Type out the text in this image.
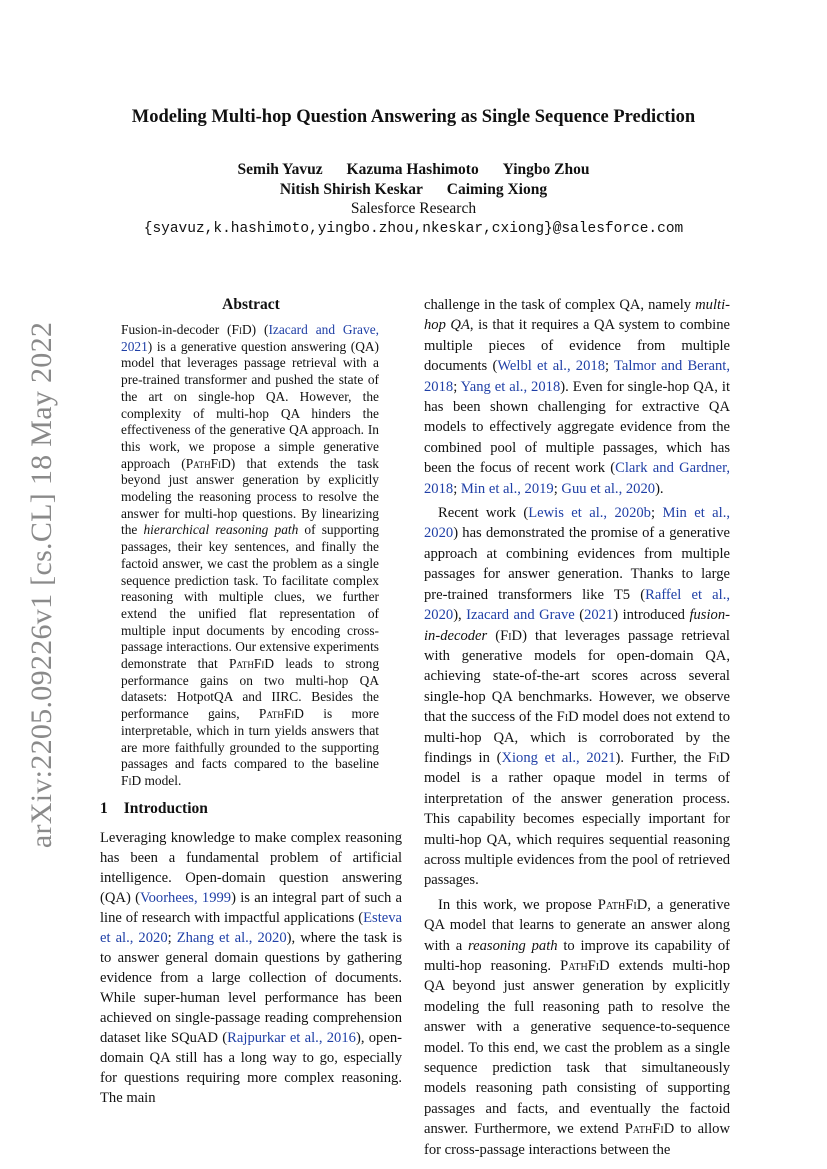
arXiv:2205.09226v1 [cs.CL] 18 May 2022
Modeling Multi-hop Question Answering as Single Sequence Prediction
Semih Yavuz Kazuma Hashimoto Yingbo Zhou
Nitish Shirish Keskar Caiming Xiong
Salesforce Research
{syavuz,k.hashimoto,yingbo.zhou,nkeskar,cxiong}@salesforce.com
Abstract
Fusion-in-decoder (FiD) (Izacard and Grave, 2021) is a generative question answering (QA) model that leverages passage retrieval with a pre-trained transformer and pushed the state of the art on single-hop QA. However, the complexity of multi-hop QA hinders the effectiveness of the generative QA approach. In this work, we propose a simple generative approach (PathFiD) that extends the task beyond just answer generation by explicitly modeling the reasoning process to resolve the answer for multi-hop questions. By linearizing the hierarchical reasoning path of supporting passages, their key sentences, and finally the factoid answer, we cast the problem as a single sequence prediction task. To facilitate complex reasoning with multiple clues, we further extend the unified flat representation of multiple input documents by encoding cross-passage interactions. Our extensive experiments demonstrate that PathFiD leads to strong performance gains on two multi-hop QA datasets: HotpotQA and IIRC. Besides the performance gains, PathFiD is more interpretable, which in turn yields answers that are more faithfully grounded to the supporting passages and facts compared to the baseline FiD model.
1 Introduction

Leveraging knowledge to make complex reasoning has been a fundamental problem of artificial intelligence. Open-domain question answering (QA) (Voorhees, 1999) is an integral part of such a line of research with impactful applications (Esteva et al., 2020; Zhang et al., 2020), where the task is to answer general domain questions by gathering evidence from a large collection of documents. While super-human level performance has been achieved on single-passage reading comprehension dataset like SQuAD (Rajpurkar et al., 2016), open-domain QA still has a long way to go, especially for questions requiring more complex reasoning. The main

challenge in the task of complex QA, namely multi-hop QA, is that it requires a QA system to combine multiple pieces of evidence from multiple documents (Welbl et al., 2018; Talmor and Berant, 2018; Yang et al., 2018). Even for single-hop QA, it has been shown challenging for extractive QA models to effectively aggregate evidence from the combined pool of multiple passages, which has been the focus of recent work (Clark and Gardner, 2018; Min et al., 2019; Guu et al., 2020).

Recent work (Lewis et al., 2020b; Min et al., 2020) has demonstrated the promise of a generative approach at combining evidences from multiple passages for answer generation. Thanks to large pre-trained transformers like T5 (Raffel et al., 2020), Izacard and Grave (2021) introduced fusion-in-decoder (FiD) that leverages passage retrieval with generative models for open-domain QA, achieving state-of-the-art scores across several single-hop QA benchmarks. However, we observe that the success of the FiD model does not extend to multi-hop QA, which is corroborated by the findings in (Xiong et al., 2021). Further, the FiD model is a rather opaque model in terms of interpretation of the answer generation process. This capability becomes especially important for multi-hop QA, which requires sequential reasoning across multiple evidences from the pool of retrieved passages.

In this work, we propose PathFiD, a generative QA model that learns to generate an answer along with a reasoning path to improve its capability of multi-hop reasoning. PathFiD extends multi-hop QA beyond just answer generation by explicitly modeling the full reasoning path to resolve the answer with a generative sequence-to-sequence model. To this end, we cast the problem as a single sequence prediction task that simultaneously models reasoning path consisting of supporting passages and facts, and eventually the factoid answer. Furthermore, we extend PathFiD to allow for cross-passage interactions between the
